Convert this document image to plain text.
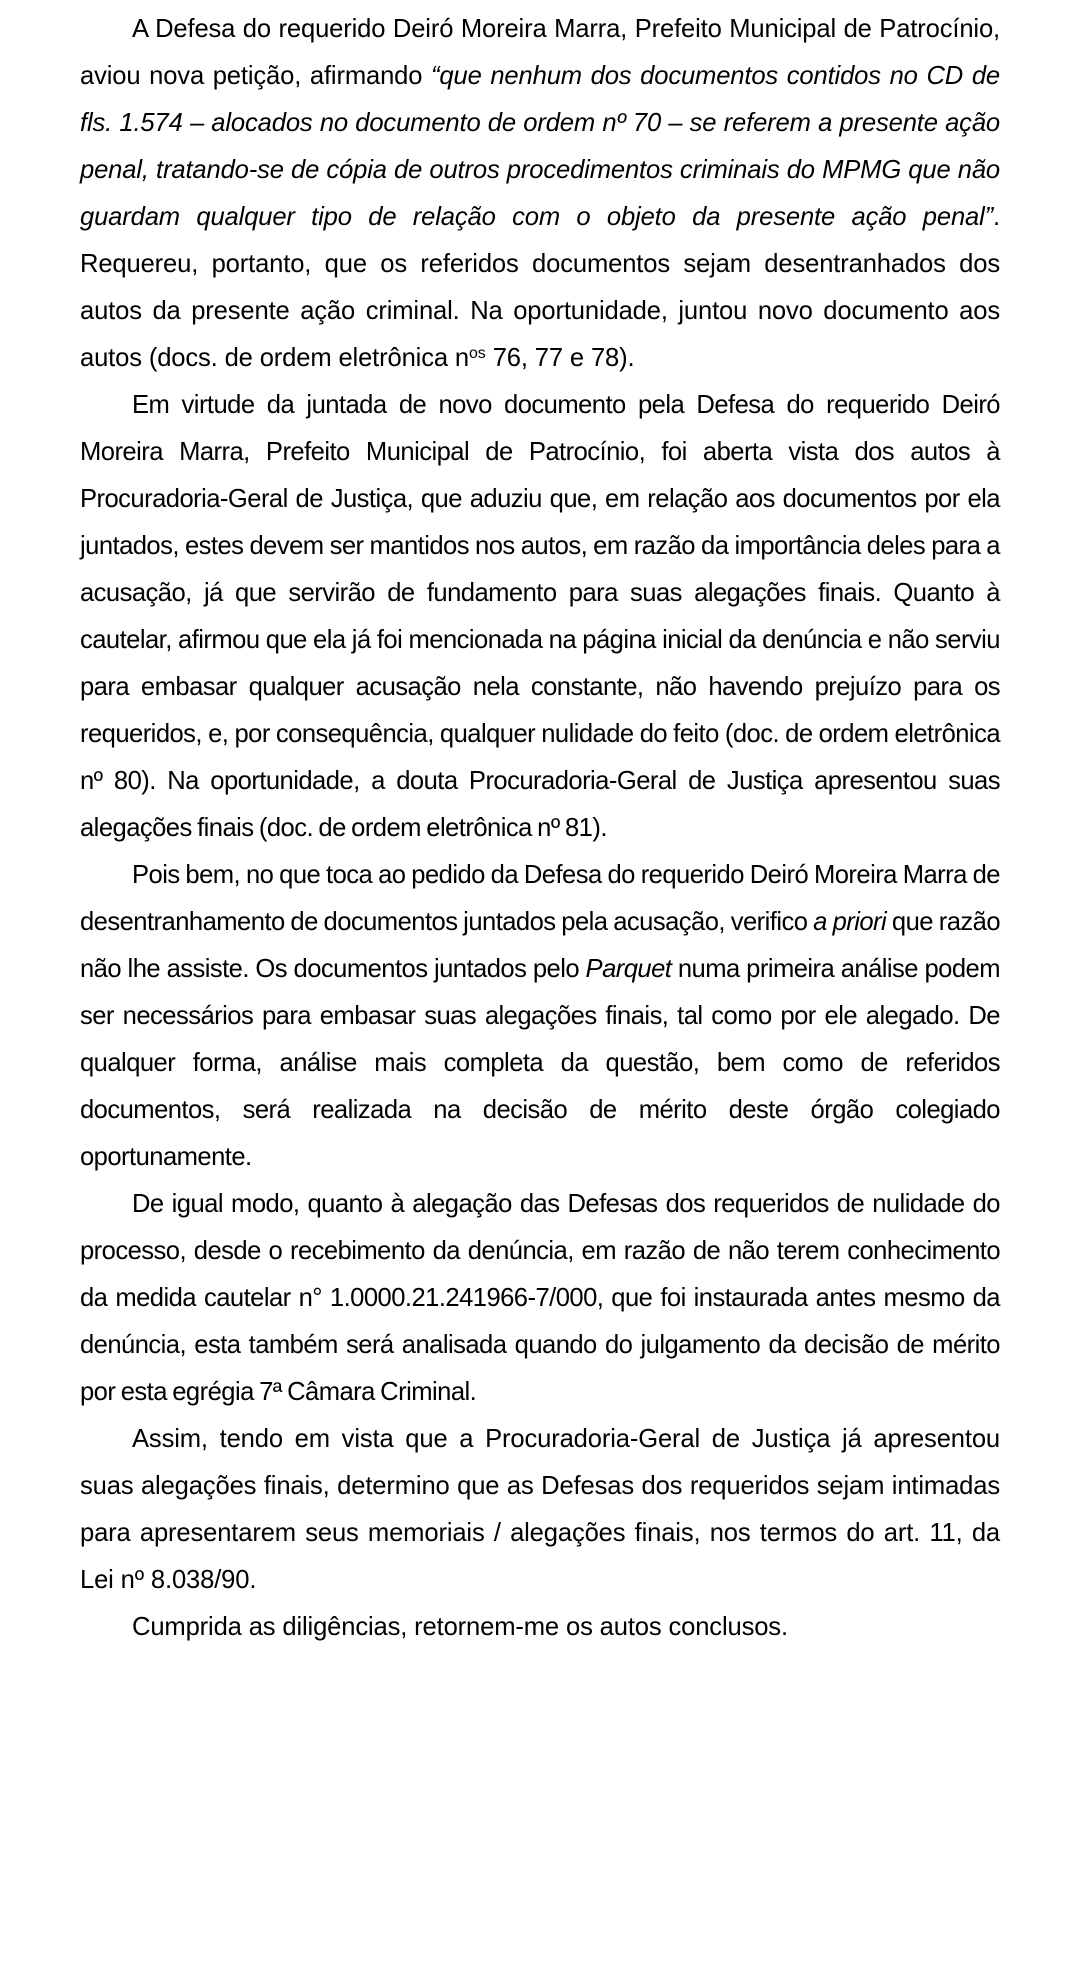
A Defesa do requerido Deiró Moreira Marra, Prefeito Municipal de Patrocínio, aviou nova petição, afirmando “que nenhum dos documentos contidos no CD de fls. 1.574 – alocados no documento de ordem nº 70 – se referem a presente ação penal, tratando-se de cópia de outros procedimentos criminais do MPMG que não guardam qualquer tipo de relação com o objeto da presente ação penal”. Requereu, portanto, que os referidos documentos sejam desentranhados dos autos da presente ação criminal. Na oportunidade, juntou novo documento aos autos (docs. de ordem eletrônica $n^{os}$ 76, 77 e 78).

Em virtude da juntada de novo documento pela Defesa do requerido Deiró Moreira Marra, Prefeito Municipal de Patrocínio, foi aberta vista dos autos à Procuradoria-Geral de Justiça, que aduziu que, em relação aos documentos por ela juntados, estes devem ser mantidos nos autos, em razão da importância deles para a acusação, já que servirão de fundamento para suas alegações finais. Quanto à cautelar, afirmou que ela já foi mencionada na página inicial da denúncia e não serviu para embasar qualquer acusação nela constante, não havendo prejuízo para os requeridos, e, por consequência, qualquer nulidade do feito (doc. de ordem eletrônica nº 80). Na oportunidade, a douta Procuradoria-Geral de Justiça apresentou suas alegações finais (doc. de ordem eletrônica nº 81).

Pois bem, no que toca ao pedido da Defesa do requerido Deiró Moreira Marra de desentranhamento de documentos juntados pela acusação, verifico a priori que razão não lhe assiste. Os documentos juntados pelo Parquet numa primeira análise podem ser necessários para embasar suas alegações finais, tal como por ele alegado. De qualquer forma, análise mais completa da questão, bem como de referidos documentos, será realizada na decisão de mérito deste órgão colegiado oportunamente.

De igual modo, quanto à alegação das Defesas dos requeridos de nulidade do processo, desde o recebimento da denúncia, em razão de não terem conhecimento da medida cautelar n° 1.0000.21.241966-7/000, que foi instaurada antes mesmo da denúncia, esta também será analisada quando do julgamento da decisão de mérito por esta egrégia 7ª Câmara Criminal.

Assim, tendo em vista que a Procuradoria-Geral de Justiça já apresentou suas alegações finais, determino que as Defesas dos requeridos sejam intimadas para apresentarem seus memoriais / alegações finais, nos termos do art. 11, da Lei nº 8.038/90.

Cumprida as diligências, retornem-me os autos conclusos.
